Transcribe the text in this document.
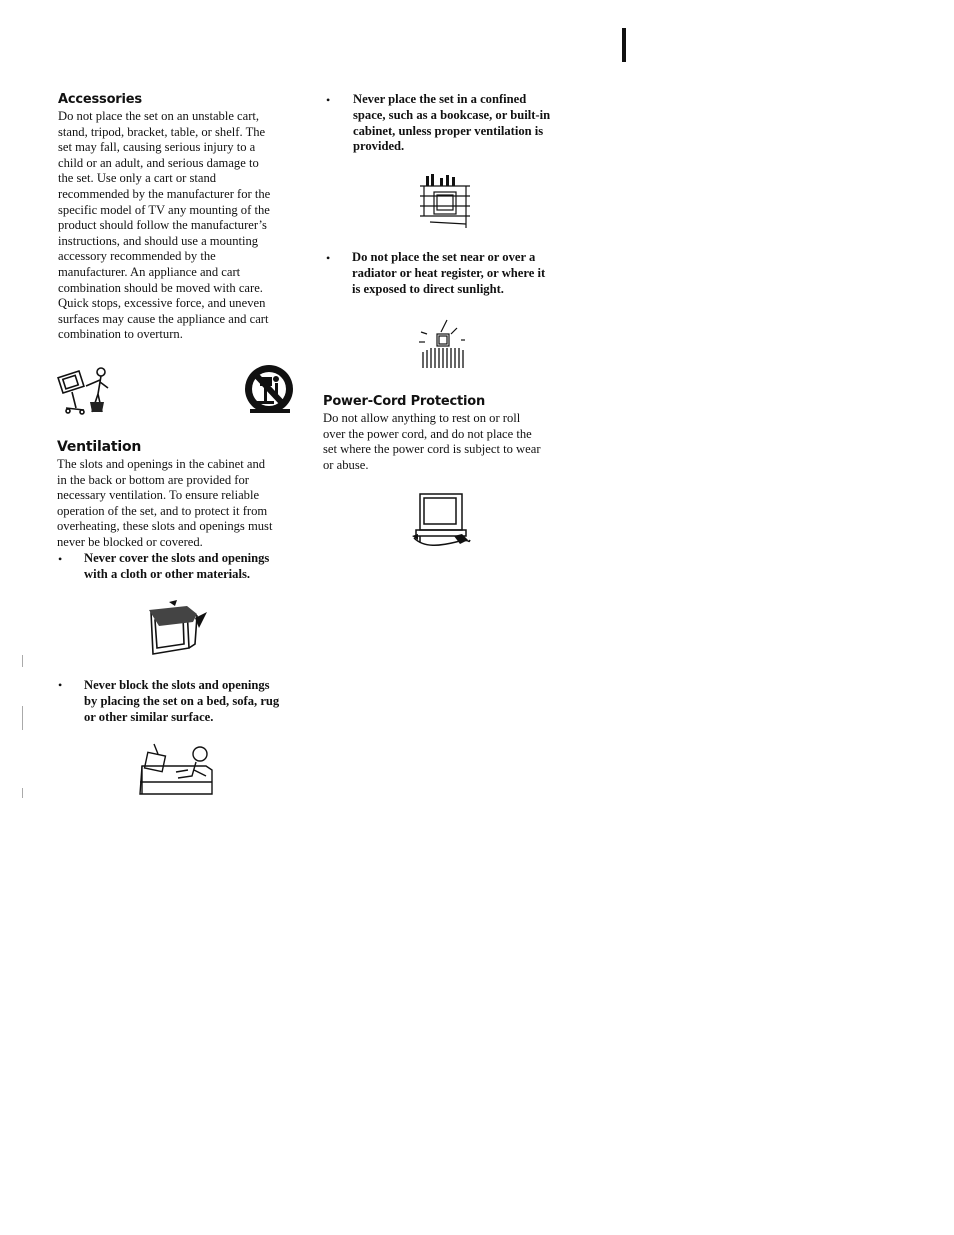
Accessories
Do not place the set on an unstable cart,
stand, tripod, bracket, table, or shelf. The
set may fall, causing serious injury to a
child or an adult, and serious damage to
the set. Use only a cart or stand
recommended by the manufacturer for the
specific model of TV any mounting of the
product should follow the manufacturer’s
instructions, and should use a mounting
accessory recommended by the
manufacturer. An appliance and cart
combination should be moved with care.
Quick stops, excessive force, and uneven
surfaces may cause the appliance and cart
combination to overturn.
Ventilation
The slots and openings in the cabinet and
in the back or bottom are provided for
necessary ventilation. To ensure reliable
operation of the set, and to protect it from
overheating, these slots and openings must
never be blocked or covered.
• Never cover the slots and openings
with a cloth or other materials.
• Never block the slots and openings
by placing the set on a bed, sofa, rug
or other similar surface.
• Never place the set in a confined
space, such as a bookcase, or built-in
cabinet, unless proper ventilation is
provided.
• Do not place the set near or over a
radiator or heat register, or where it
is exposed to direct sunlight.
Power-Cord Protection
Do not allow anything to rest on or roll
over the power cord, and do not place the
set where the power cord is subject to wear
or abuse.
